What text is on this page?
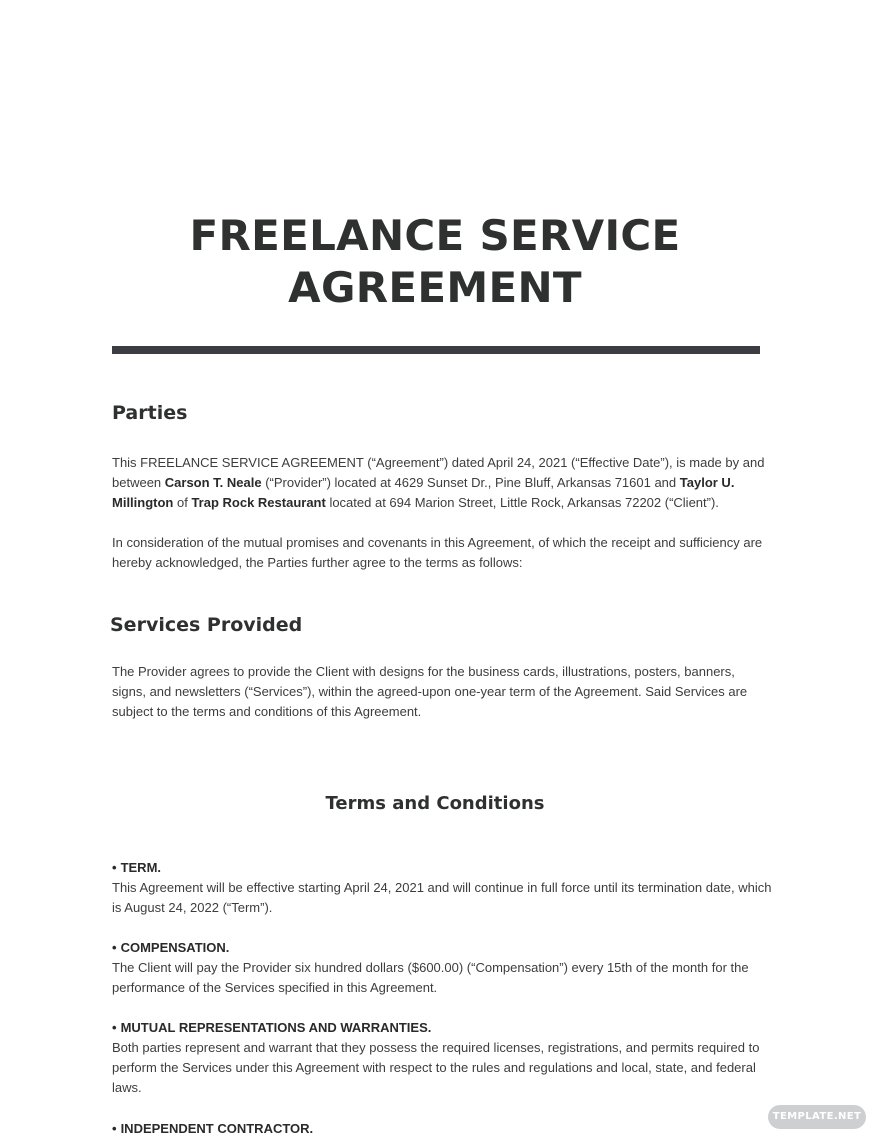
FREELANCE SERVICE
AGREEMENT
Parties

This FREELANCE SERVICE AGREEMENT (“Agreement”) dated April 24, 2021 (“Effective Date”), is made by and between Carson T. Neale (“Provider”) located at 4629 Sunset Dr., Pine Bluff, Arkansas 71601 and Taylor U. Millington of Trap Rock Restaurant located at 694 Marion Street, Little Rock, Arkansas 72202 (“Client”).

In consideration of the mutual promises and covenants in this Agreement, of which the receipt and sufficiency are hereby acknowledged, the Parties further agree to the terms as follows:

Services Provided

The Provider agrees to provide the Client with designs for the business cards, illustrations, posters, banners, signs, and newsletters (“Services”), within the agreed-upon one-year term of the Agreement. Said Services are subject to the terms and conditions of this Agreement.

Terms and Conditions
• TERM.
This Agreement will be effective starting April 24, 2021 and will continue in full force until its termination date, which is August 24, 2022 (“Term”).
• COMPENSATION.
The Client will pay the Provider six hundred dollars ($600.00) (“Compensation”) every 15th of the month for the performance of the Services specified in this Agreement.
• MUTUAL REPRESENTATIONS AND WARRANTIES.
Both parties represent and warrant that they possess the required licenses, registrations, and permits required to perform the Services under this Agreement with respect to the rules and regulations and local, state, and federal laws.
• INDEPENDENT CONTRACTOR.
TEMPLATE.NET
